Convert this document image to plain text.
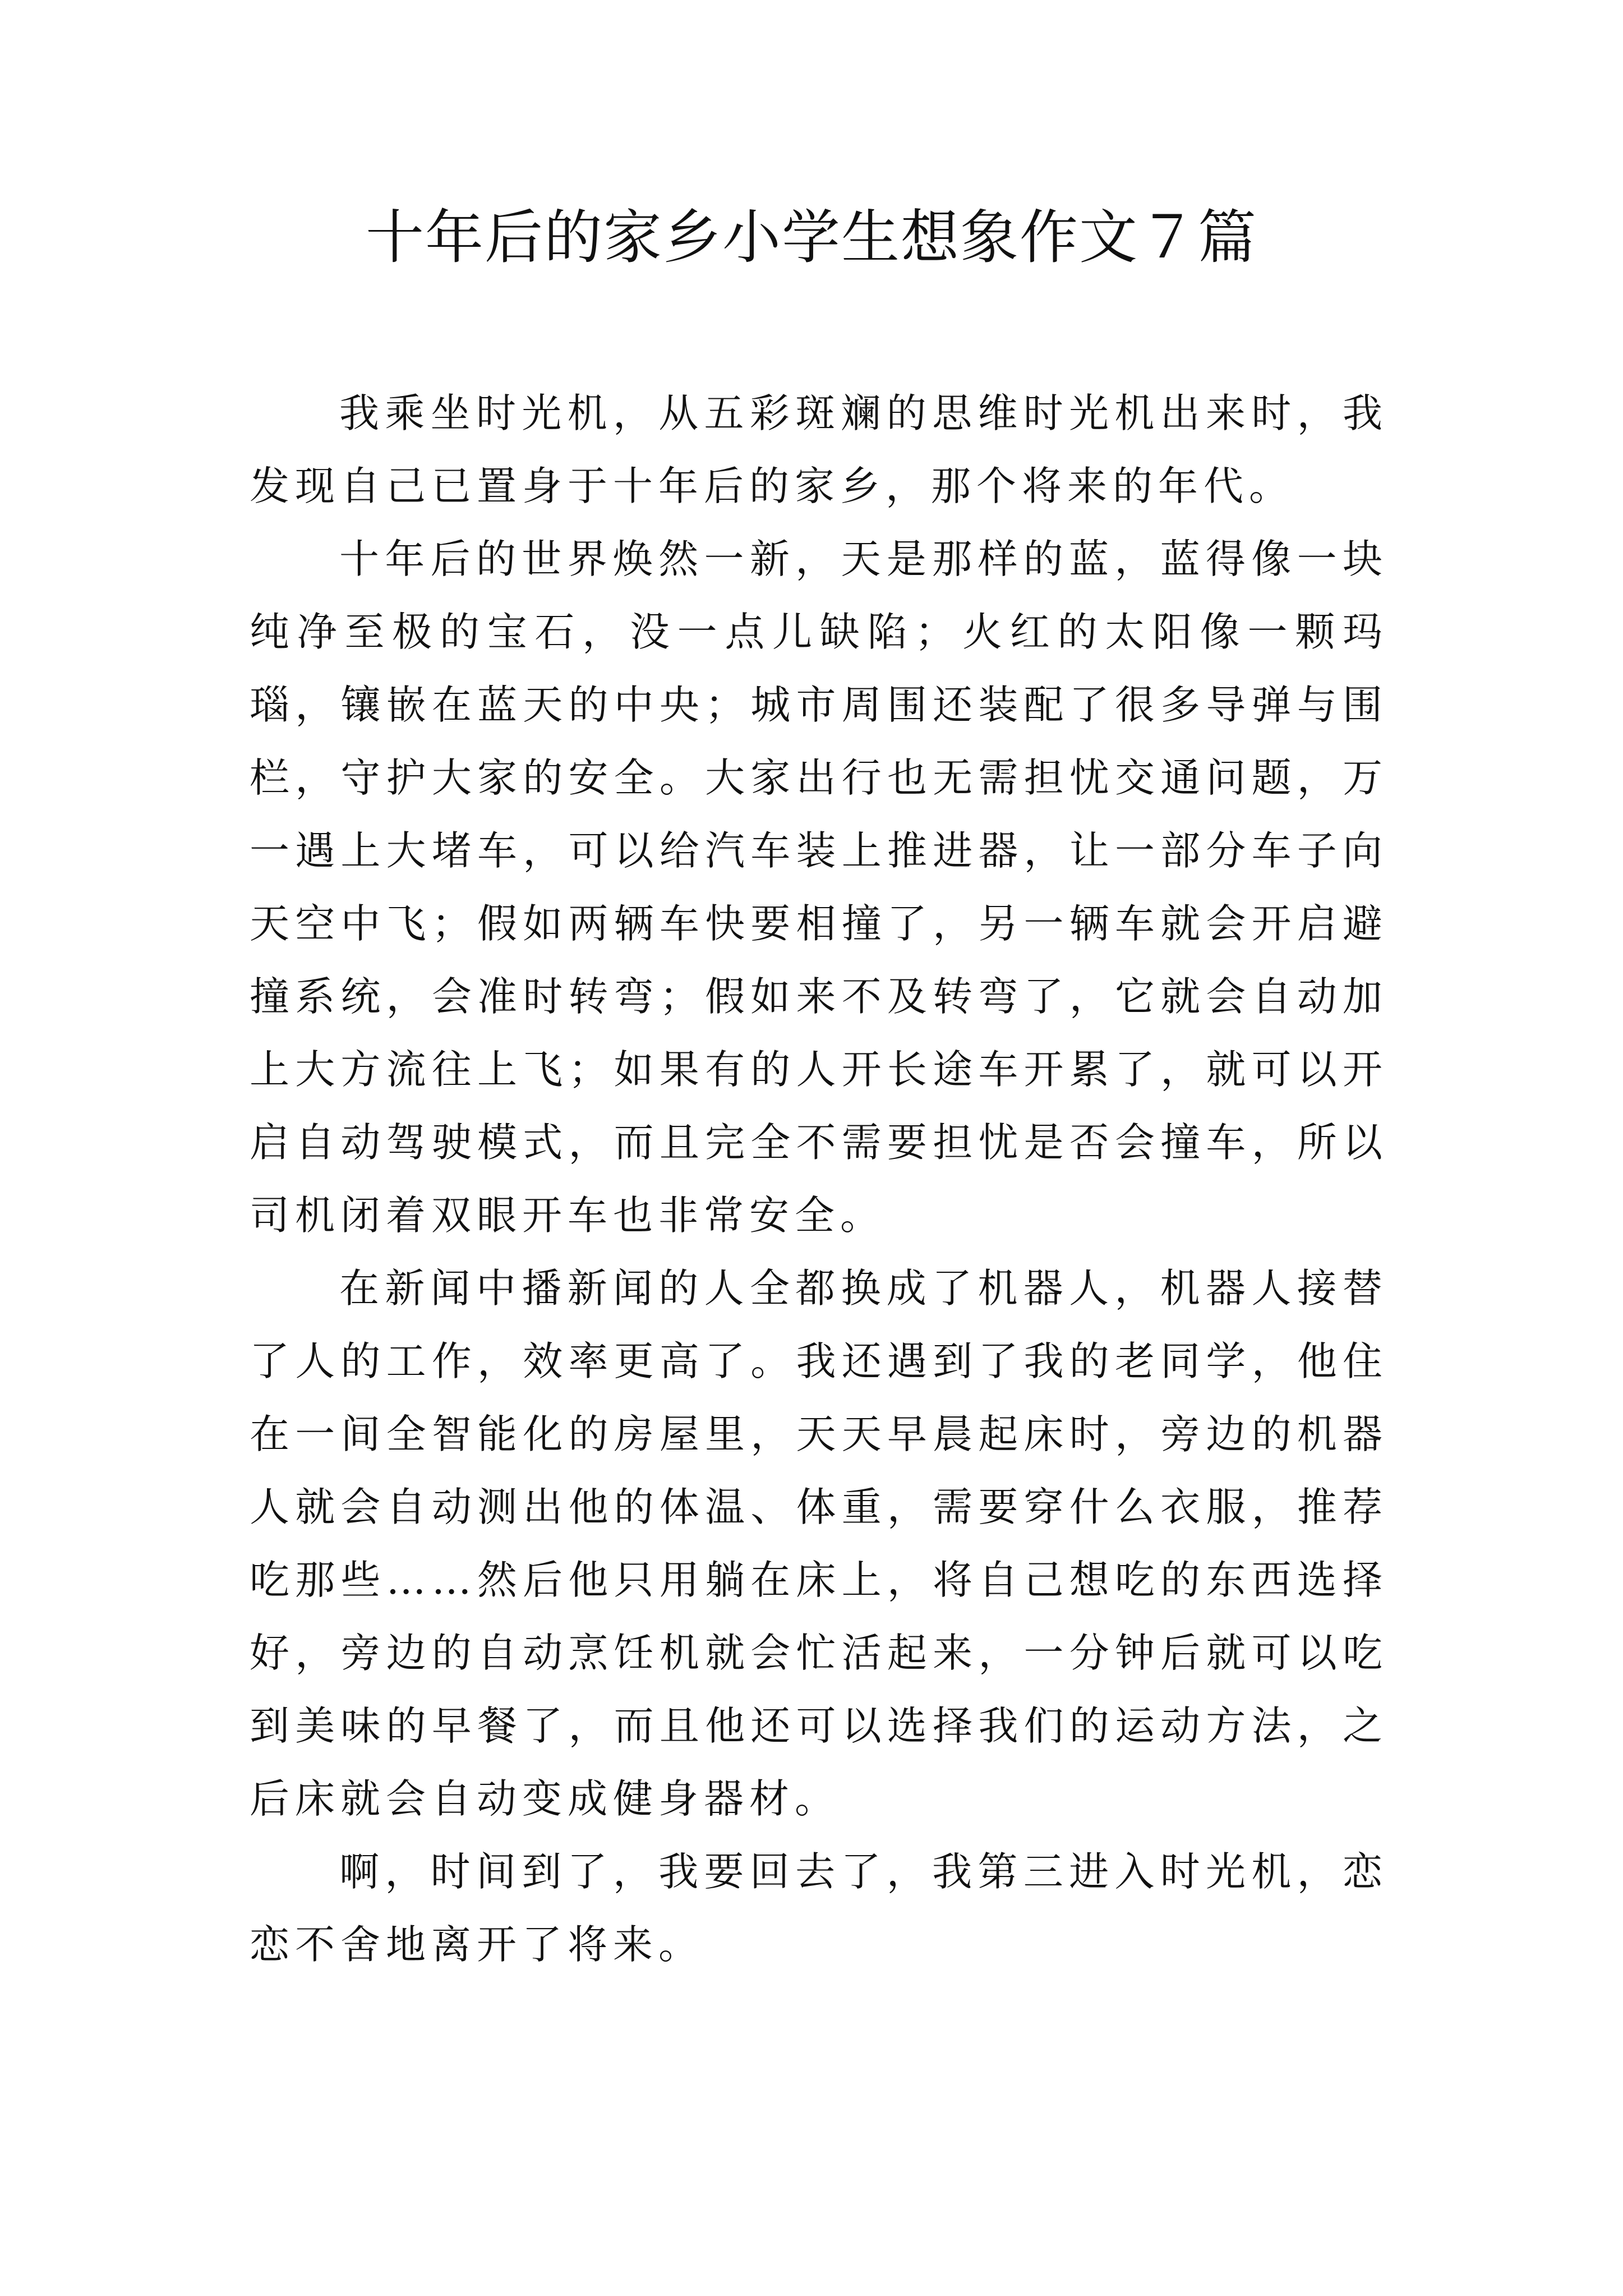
十年后的家乡小学生想象作文７篇

我乘坐时光机，从五彩斑斓的思维时光机出来时，我发现自己已置身于十年后的家乡，那个将来的年代。

十年后的世界焕然一新，天是那样的蓝，蓝得像一块纯净至极的宝石，没一点儿缺陷；火红的太阳像一颗玛瑙，镶嵌在蓝天的中央；城市周围还装配了很多导弹与围栏，守护大家的安全。大家出行也无需担忧交通问题，万一遇上大堵车，可以给汽车装上推进器，让一部分车子向天空中飞；假如两辆车快要相撞了，另一辆车就会开启避撞系统，会准时转弯；假如来不及转弯了，它就会自动加上大方流往上飞；如果有的人开长途车开累了，就可以开启自动驾驶模式，而且完全不需要担忧是否会撞车，所以司机闭着双眼开车也非常安全。

在新闻中播新闻的人全都换成了机器人，机器人接替了人的工作，效率更高了。我还遇到了我的老同学，他住在一间全智能化的房屋里，天天早晨起床时，旁边的机器人就会自动测出他的体温、体重，需要穿什么衣服，推荐吃那些……然后他只用躺在床上，将自己想吃的东西选择好，旁边的自动烹饪机就会忙活起来，一分钟后就可以吃到美味的早餐了，而且他还可以选择我们的运动方法，之后床就会自动变成健身器材。

啊，时间到了，我要回去了，我第三进入时光机，恋恋不舍地离开了将来。
